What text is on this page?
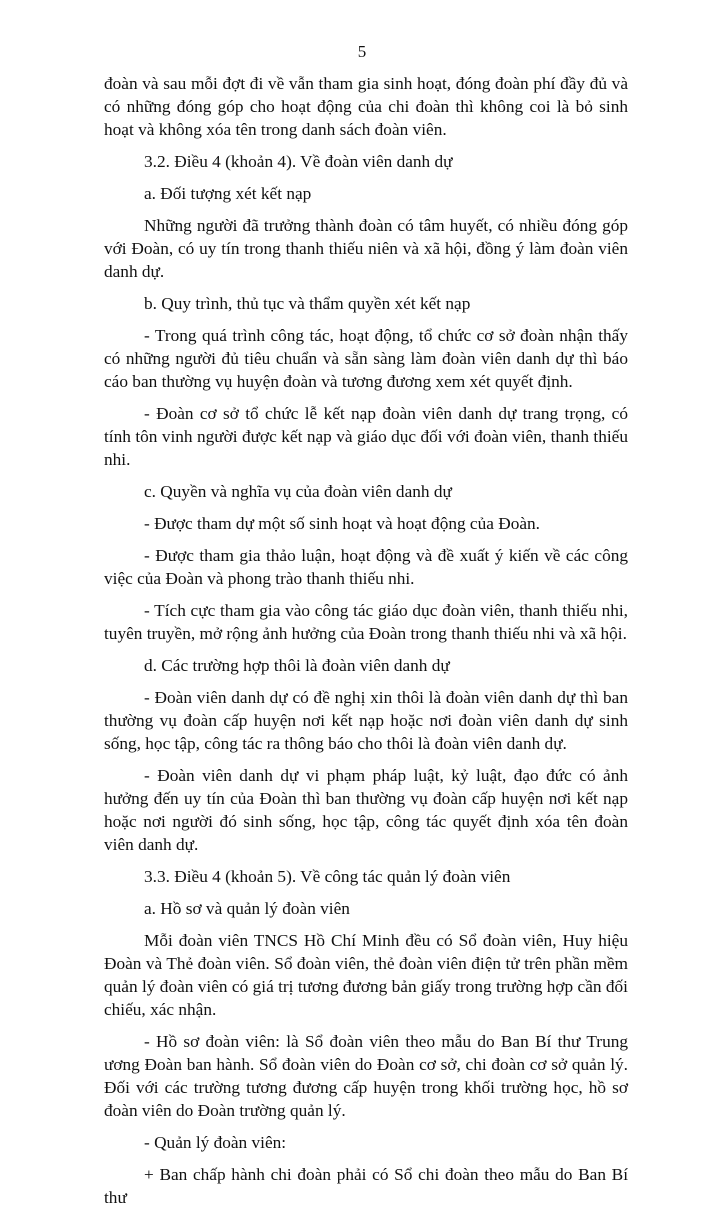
5

đoàn và sau mỗi đợt đi về vẫn tham gia sinh hoạt, đóng đoàn phí đầy đủ và có những đóng góp cho hoạt động của chi đoàn thì không coi là bỏ sinh hoạt và không xóa tên trong danh sách đoàn viên.

3.2. Điều 4 (khoản 4). Về đoàn viên danh dự

a. Đối tượng xét kết nạp

Những người đã trưởng thành đoàn có tâm huyết, có nhiều đóng góp với Đoàn, có uy tín trong thanh thiếu niên và xã hội, đồng ý làm đoàn viên danh dự.

b. Quy trình, thủ tục và thẩm quyền xét kết nạp

- Trong quá trình công tác, hoạt động, tổ chức cơ sở đoàn nhận thấy có những người đủ tiêu chuẩn và sẵn sàng làm đoàn viên danh dự thì báo cáo ban thường vụ huyện đoàn và tương đương xem xét quyết định.

- Đoàn cơ sở tổ chức lễ kết nạp đoàn viên danh dự trang trọng, có tính tôn vinh người được kết nạp và giáo dục đối với đoàn viên, thanh thiếu nhi.

c. Quyền và nghĩa vụ của đoàn viên danh dự

- Được tham dự một số sinh hoạt và hoạt động của Đoàn.

- Được tham gia thảo luận, hoạt động và đề xuất ý kiến về các công việc của Đoàn và phong trào thanh thiếu nhi.

- Tích cực tham gia vào công tác giáo dục đoàn viên, thanh thiếu nhi, tuyên truyền, mở rộng ảnh hưởng của Đoàn trong thanh thiếu nhi và xã hội.

d. Các trường hợp thôi là đoàn viên danh dự

- Đoàn viên danh dự có đề nghị xin thôi là đoàn viên danh dự thì ban thường vụ đoàn cấp huyện nơi kết nạp hoặc nơi đoàn viên danh dự sinh sống, học tập, công tác ra thông báo cho thôi là đoàn viên danh dự.

- Đoàn viên danh dự vi phạm pháp luật, kỷ luật, đạo đức có ảnh hưởng đến uy tín của Đoàn thì ban thường vụ đoàn cấp huyện nơi kết nạp hoặc nơi người đó sinh sống, học tập, công tác quyết định xóa tên đoàn viên danh dự.

3.3. Điều 4 (khoản 5). Về công tác quản lý đoàn viên

a. Hồ sơ và quản lý đoàn viên

Mỗi đoàn viên TNCS Hồ Chí Minh đều có Sổ đoàn viên, Huy hiệu Đoàn và Thẻ đoàn viên. Sổ đoàn viên, thẻ đoàn viên điện tử trên phần mềm quản lý đoàn viên có giá trị tương đương bản giấy trong trường hợp cần đối chiếu, xác nhận.

- Hồ sơ đoàn viên: là Sổ đoàn viên theo mẫu do Ban Bí thư Trung ương Đoàn ban hành. Sổ đoàn viên do Đoàn cơ sở, chi đoàn cơ sở quản lý. Đối với các trường tương đương cấp huyện trong khối trường học, hồ sơ đoàn viên do Đoàn trường quản lý.

- Quản lý đoàn viên:

+ Ban chấp hành chi đoàn phải có Sổ chi đoàn theo mẫu do Ban Bí thư
